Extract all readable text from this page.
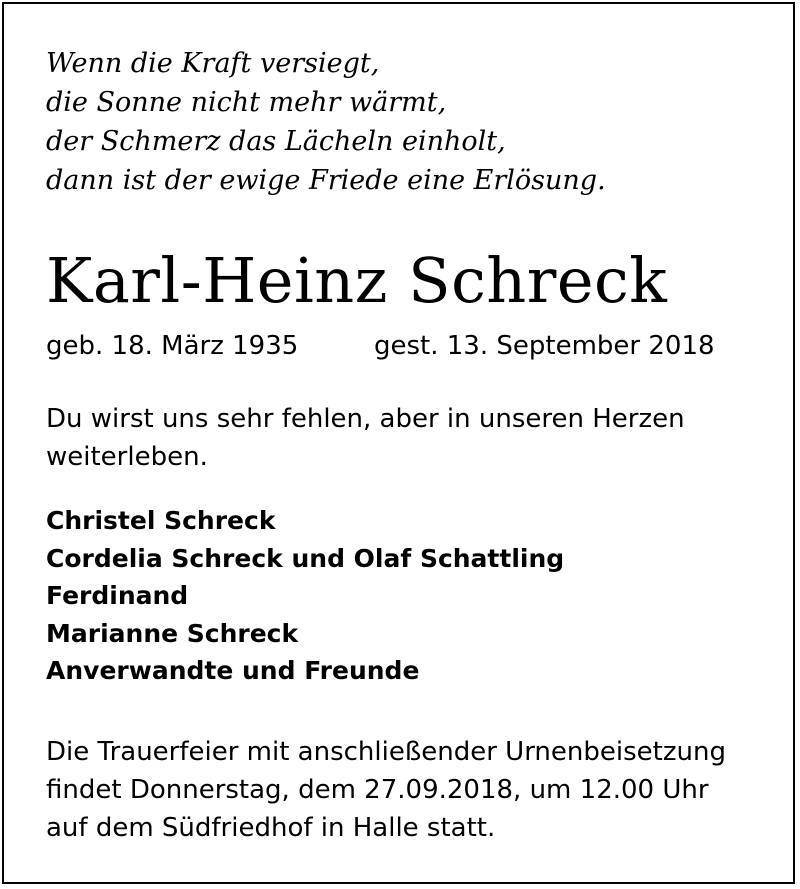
Wenn die Kraft versiegt,
die Sonne nicht mehr wärmt,
der Schmerz das Lächeln einholt,
dann ist der ewige Friede eine Erlösung.

Karl-Heinz Schreck
geb. 18. März 1935	gest. 13. September 2018

Du wirst uns sehr fehlen, aber in unseren Herzen weiterleben.

Christel Schreck
Cordelia Schreck und Olaf Schattling
Ferdinand
Marianne Schreck
Anverwandte und Freunde

Die Trauerfeier mit anschließender Urnenbeisetzung
findet Donnerstag, dem 27.09.2018, um 12.00 Uhr
auf dem Südfriedhof in Halle statt.
